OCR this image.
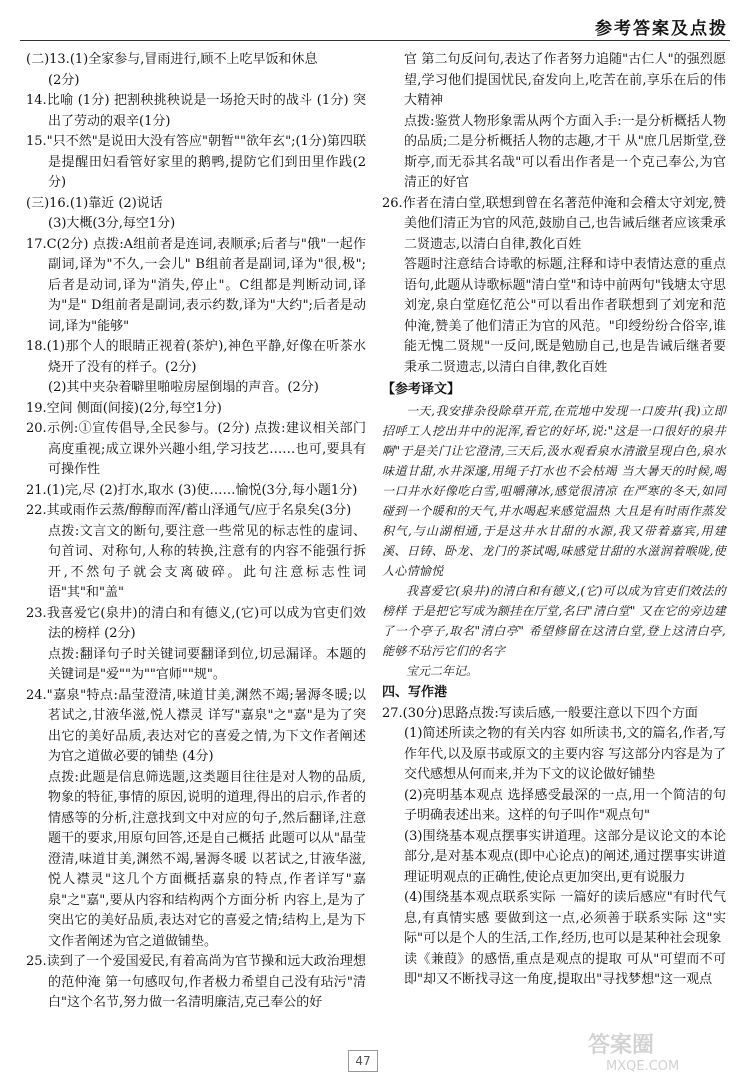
参考答案及点拨

(二)13.(1)全家参与,冒雨进行,顾不上吃早饭和休息

(2分)

14.比喻 (1分) 把割秧挑秧说是一场抢天时的战斗 (1分) 突出了劳动的艰辛(1分)

15."只不然"是说田大没有答应"朝暂""欲年玄";(1分)第四联是提醒田妇看管好家里的鹅鸭,提防它们到田里作践(2分)

(三)16.(1)靠近 (2)说话

(3)大概(3分,每空1分)

17.C(2分) 点拨:A组前者是连词,表顺承;后者与"俄"一起作副词,译为"不久,一会儿" B组前者是副词,译为"很,极";后者是动词,译为"消失,停止"。C组都是判断动词,译为"是" D组前者是副词,表示约数,译为"大约";后者是动词,译为"能够"

18.(1)那个人的眼睛正视着(茶炉),神色平静,好像在听茶水烧开了没有的样子。(2分)

(2)其中夹杂着噼里啪啦房屋倒塌的声音。(2分)

19.空间 侧面(间接)(2分,每空1分)

20.示例:①宣传倡导,全民参与。(2分) 点拨:建议相关部门高度重视;成立课外兴趣小组,学习技艺……也可,要具有可操作性

21.(1)完,尽 (2)打水,取水 (3)使……愉悦(3分,每小题1分)

22.其或雨作云蒸/醇醇而浑/蓄山泽通气/应于名泉矣(3分)

点拨:文言文的断句,要注意一些常见的标志性的虚词、句首词、对称句,人称的转换,注意有的内容不能强行拆开,不然句子就会支离破碎。此句注意标志性词语"其"和"盖"

23.我喜爱它(泉井)的清白和有德义,(它)可以成为官吏们效法的榜样 (2分)

点拨:翻译句子时关键词要翻译到位,切忌漏译。本题的关键词是"爱""为""官师""规"。

24."嘉泉"特点:晶莹澄清,味道甘美,渊然不竭;暑溽冬暖;以茗试之,甘液华滋,悦人襟灵 详写"嘉泉"之"嘉"是为了突出它的美好品质,表达对它的喜爱之情,为下文作者阐述为官之道做必要的铺垫 (4分)

点拨:此题是信息筛选题,这类题目往往是对人物的品质,物象的特征,事情的原因,说明的道理,得出的启示,作者的情感等的分析,注意找到文中对应的句子,然后翻译,注意题干的要求,用原句回答,还是自己概括 此题可以从"晶莹澄清,味道甘美,渊然不竭,暑溽冬暖 以茗试之,甘液华滋,悦人襟灵"这几个方面概括嘉泉的特点,作者详写"嘉泉"之"嘉",要从内容和结构两个方面分析 内容上,是为了突出它的美好品质,表达对它的喜爱之情;结构上,是为下文作者阐述为官之道做铺垫。

25.读到了一个爱国爱民,有着高尚为官节操和远大政治理想的范仲淹 第一句感叹句,作者极力希望自己没有玷污"清白"这个名节,努力做一名清明廉洁,克己奉公的好

官 第二句反问句,表达了作者努力追随"古仁人"的强烈愿望,学习他们提国忧民,奋发向上,吃苦在前,享乐在后的伟大精神

点拨:鉴赏人物形象需从两个方面入手:一是分析概括人物的品质;二是分析概括人物的志趣,才干 从"庶几居斯堂,登斯亭,而无忝其名哉"可以看出作者是一个克己奉公,为官清正的好官

26.作者在清白堂,联想到曾在名著范仲淹和会稽太守刘宠,赞美他们清正为官的风范,鼓励自己,也告诫后继者应该秉承二贤遗志,以清白自律,教化百姓

答题时注意结合诗歌的标题,注释和诗中表情达意的重点语句,此题从诗歌标题"清白堂"和诗中前两句"钱塘太守思刘宠,泉白堂庭忆范公"可以看出作者联想到了刘宠和范仲淹,赞美了他们清正为官的风范。"印绶纷纷合俗宰,谁能无愧二贤规"一反问,既是勉励自己,也是告诫后继者要秉承二贤遗志,以清白自律,教化百姓

【参考译文】

一天,我安排杂役除草开荒,在荒地中发现一口废井(我)立即招呼工人挖出井中的泥浑,看它的好坏,说:"这是一口很好的泉井啊"于是关门让它澄清,三天后,汲水观看泉水清澈呈现白色,泉水味道甘甜,水井深邃,用绳子打水也不会枯竭 当大暑天的时候,喝一口井水好像吃白雪,咀嚼薄冰,感觉很清凉 在严寒的冬天,如同碰到一个暖和的天气,井水喝起来感觉温热 大且是有时雨作蒸发积气,与山湖相通,于是这井水甘甜的水源,我又带着嘉宾,用建溪、日铸、卧龙、龙门的茶试喝,味感觉甘甜的水滋润着喉咙,使人心情愉悦

我喜爱它(泉井)的清白和有德义,(它)可以成为官吏们效法的榜样 于是把它写成为额挂在厅堂,名曰"清白堂" 又在它的旁边建了一个亭子,取名"清白亭" 希望修留在这清白堂,登上这清白亭,能够不玷污它们的名字

宝元二年记。

四、写作港

27.(30分)思路点拨:写读后感,一般要注意以下四个方面

(1)简述所读之物的有关内容 如所读书,文的篇名,作者,写作年代,以及原书或原文的主要内容 写这部分内容是为了交代感想从何而来,并为下文的议论做好铺垫

(2)亮明基本观点 选择感受最深的一点,用一个简洁的句子明确表述出来。这样的句子叫作"观点句"

(3)围绕基本观点摆事实讲道理。这部分是议论文的本论部分,是对基本观点(即中心论点)的阐述,通过摆事实讲道理证明观点的正确性,使论点更加突出,更有说服力

(4)围绕基本观点联系实际 一篇好的读后感应"有时代气息,有真情实感 要做到这一点,必须善于联系实际 这"实际"可以是个人的生活,工作,经历,也可以是某种社会现象

读《兼葭》的感悟,重点是观点的提取 可从"可望而不可即"却又不断找寻这一角度,提取出"寻找梦想"这一观点

47
答案圈
MXQE.COM
